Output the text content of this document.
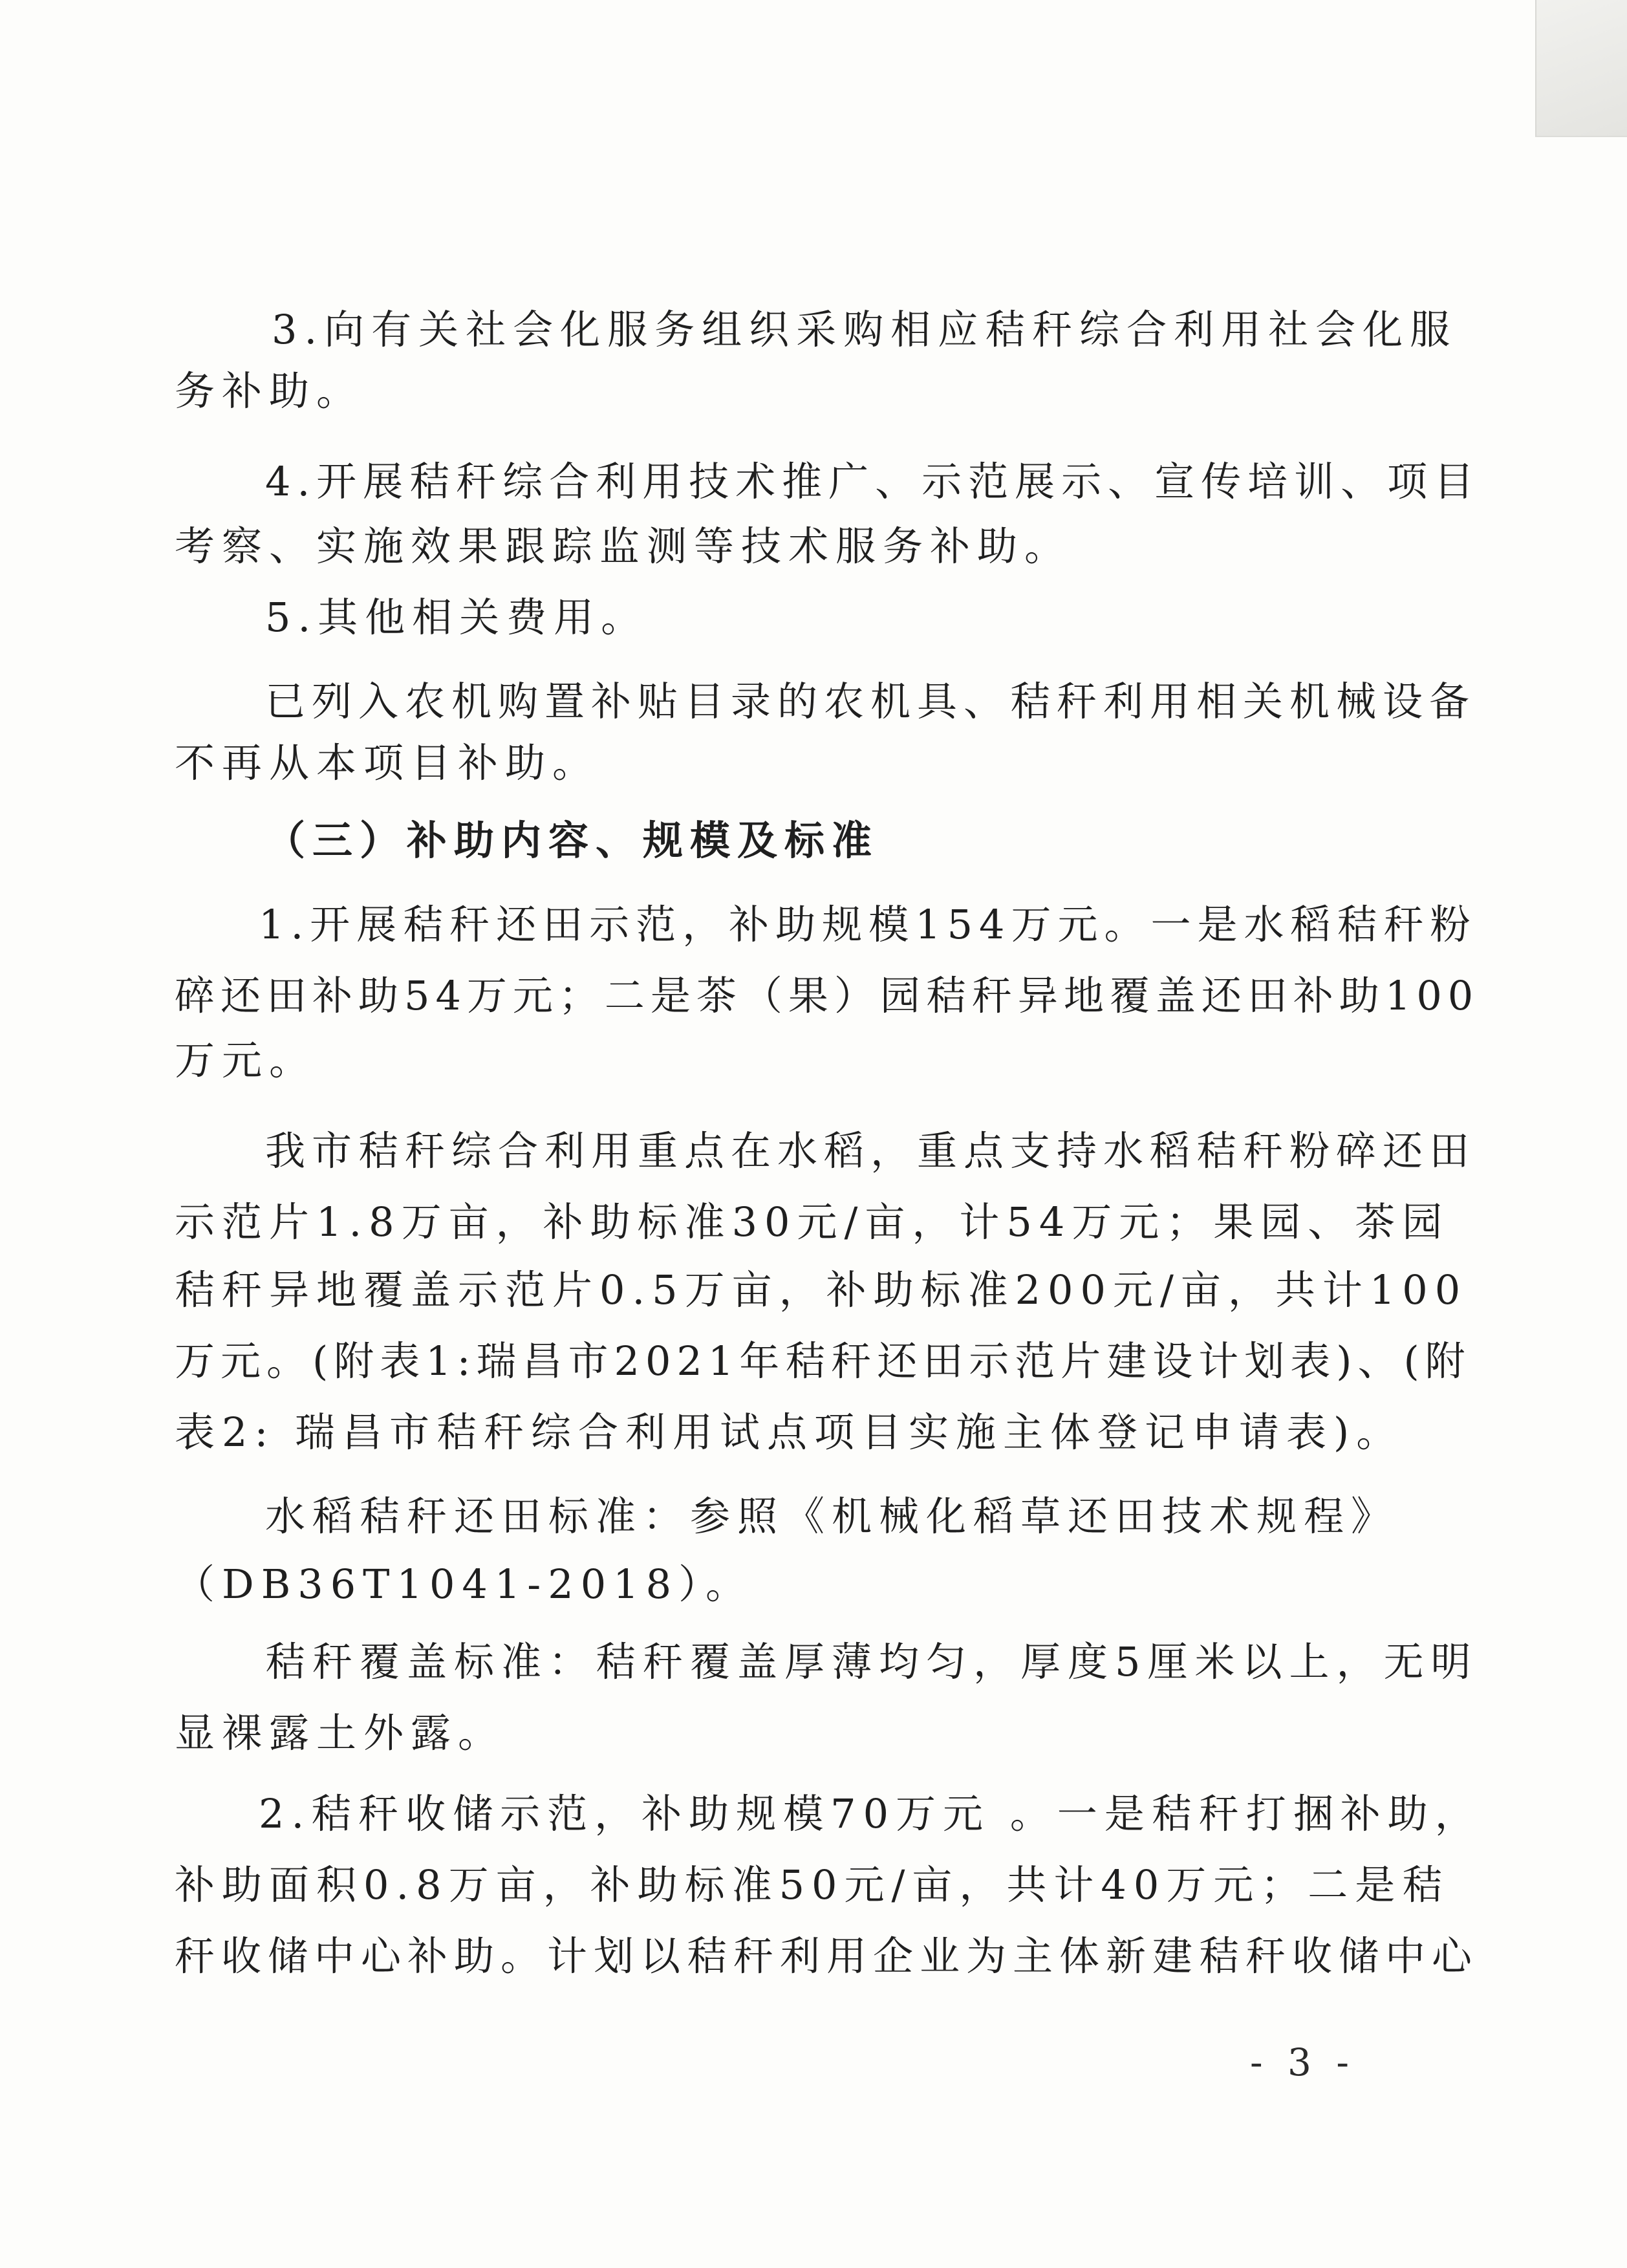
3.向有关社会化服务组织采购相应秸秆综合利用社会化服
务补助。
4.开展秸秆综合利用技术推广、示范展示、宣传培训、项目
考察、实施效果跟踪监测等技术服务补助。
5.其他相关费用。
已列入农机购置补贴目录的农机具、秸秆利用相关机械设备
不再从本项目补助。
（三）补助内容、规模及标准
1.开展秸秆还田示范，补助规模154万元。一是水稻秸秆粉
碎还田补助54万元；二是茶（果）园秸秆异地覆盖还田补助100
万元。
我市秸秆综合利用重点在水稻，重点支持水稻秸秆粉碎还田
示范片1.8万亩，补助标准30元/亩，计54万元；果园、茶园
秸秆异地覆盖示范片0.5万亩，补助标准200元/亩，共计100
万元。(附表1:瑞昌市2021年秸秆还田示范片建设计划表)、(附
表2: 瑞昌市秸秆综合利用试点项目实施主体登记申请表)。
水稻秸秆还田标准：参照《机械化稻草还田技术规程》
（DB36T1041-2018）。
秸秆覆盖标准：秸秆覆盖厚薄均匀，厚度5厘米以上，无明
显裸露土外露。
2.秸秆收储示范，补助规模70万元 。一是秸秆打捆补助，
补助面积0.8万亩，补助标准50元/亩，共计40万元；二是秸
秆收储中心补助。计划以秸秆利用企业为主体新建秸秆收储中心
- 3 -
